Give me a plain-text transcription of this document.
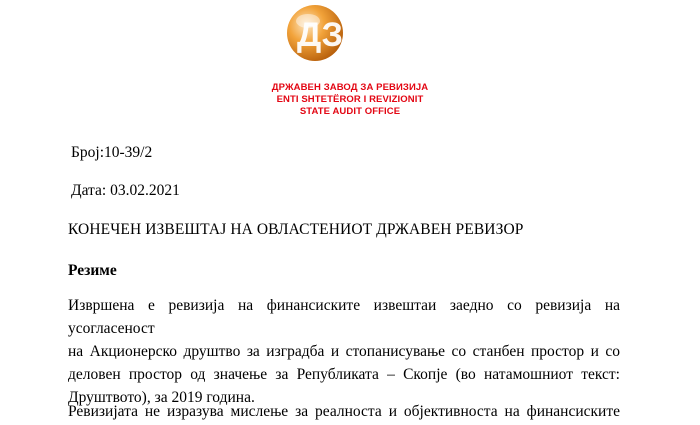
ДЗР
ДРЖАВЕН ЗАВОД ЗА РЕВИЗИЈА
ENTI SHTETËROR I REVIZIONIT
STATE AUDIT OFFICE
Број:10-39/2
Дата: 03.02.2021
КОНЕЧЕН ИЗВЕШТАЈ НА ОВЛАСТЕНИОТ ДРЖАВЕН РЕВИЗОР
Резиме
Извршена е ревизија на финансиските извештаи заедно со ревизија на усогласеност
на Акционерско друштво за изградба и стопанисување со станбен простор и со
деловен простор од значење за Републиката – Скопје (во натамошниот текст:
Друштвото), за 2019 година.
Ревизијата не изразува мислење за реалноста и објективноста на финансиските
